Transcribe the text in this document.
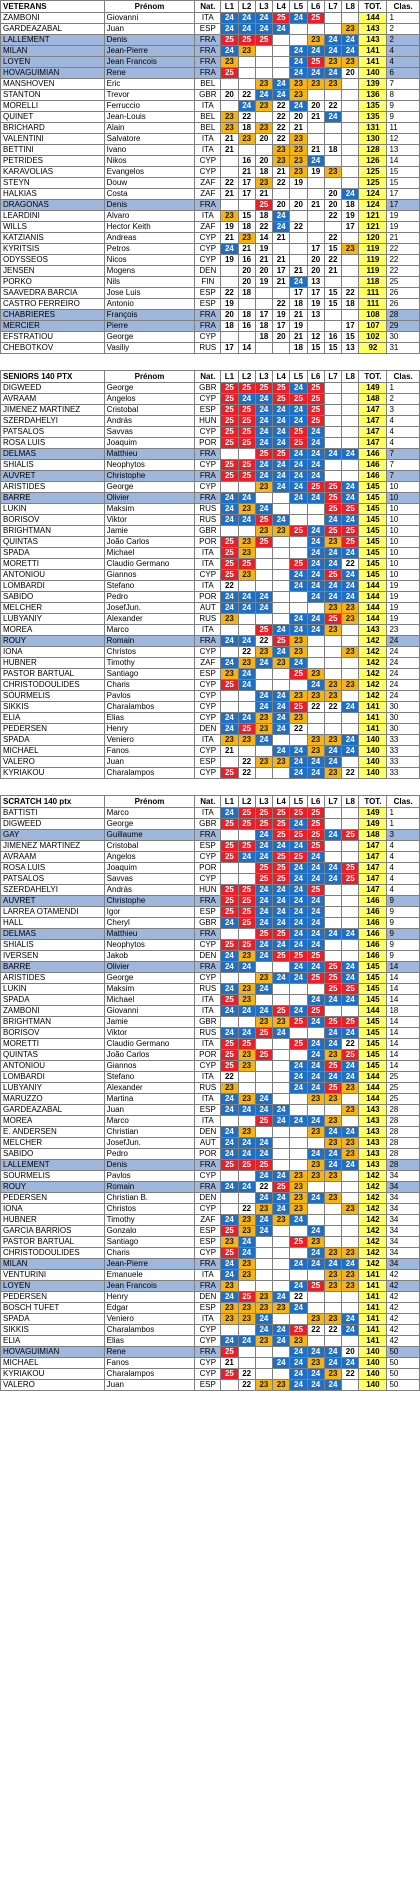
VETERANS	Prénom	Nat.	L1	L2	L3	L4	L5	L6	L7	L8	TOT.	Clas.
ZAMBONI	Giovanni	ITA	24	24	24	25	24	25			144	1
GARDEAZABAL	Juan	ESP	24	24	24	24				23	143	2
LALLEMENT	Denis	FRA	25	25	25			23	24	24	143	2
MILAN	Jean-Pierre	FRA	24	23			24	24	24	24	141	4
LOYEN	Jean Francois	FRA	23				24	25	23	23	141	4
HOVAGUIMIAN	Rene	FRA	25				24	24	24	20	140	6
MANSHOVEN	Eric	BEL			23	24	23	23	23		139	7
STANTON	Trevor	GBR	20	22	24	24	23				136	8
MORELLI	Ferruccio	ITA		24	23	22	24	20	22		135	9
QUINET	Jean-Louis	BEL	23	22		22	20	21	24		135	9
BRICHARD	Alain	BEL	23	18	23	22	21				131	11
VALENTINI	Salvatore	ITA	21	23	20	22	23				130	12
BETTINI	Ivano	ITA	21			23	23	21	18		128	13
PETRIDES	Nikos	CYP		16	20	23	23	24			126	14
KARAVOLIAS	Evangelos	CYP		21	18	21	23	19	23		125	15
STEYN	Douw	ZAF	22	17	23	22	19				125	15
HALKIAS	Costa	ZAF	21	17	21				20	24	124	17
DRAGONAS	Denis	FRA			25	20	20	21	20	18	124	17
LEARDINI	Alvaro	ITA	23	15	18	24			22	19	121	19
WILLS	Hector Keith	ZAF	19	18	22	24	22			17	121	19
KATZIANIS	Andreas	CYP	21	23	14	21			22		120	21
KYRITSIS	Petros	CYP	24	21	19			17	15	23	119	22
ODYSSEOS	Nicos	CYP	19	16	21	21		20	22		119	22
JENSEN	Mogens	DEN		20	20	17	21	20	21		119	22
PORKO	Nils	FIN		20	19	21	24	13			118	25
SAAVEDRA BARCIA	Jose Luis	ESP	22	18			17	17	15	22	111	26
CASTRO FERREIRO	Antonio	ESP	19			22	18	19	15	18	111	26
CHABRIERES	François	FRA	20	18	17	19	21	13			108	28
MERCIER	Pierre	FRA	18	16	18	17	19			17	107	29
EFSTRATIOU	George	CYP			18	20	21	12	16	15	102	30
CHEBOTKOV	Vasiliy	RUS	17	14			18	15	15	13	92	31
SENIORS 140 PTX	Prénom	Nat.	L1	L2	L3	L4	L5	L6	L7	L8	TOT.	Clas.
DIGWEED	George	GBR	25	25	25	25	24	25			149	1
AVRAAM	Angelos	CYP	25	24	24	25	25	25			148	2
JIMENEZ MARTINEZ	Cristobal	ESP	25	25	24	24	24	25			147	3
SZERDAHELYI	András	HUN	25	25	24	24	24	25			147	4
PATSALOS	Savvas	CYP	25	25	24	24	25	24			147	4
ROSA LUIS	Joaquim	POR	25	25	24	24	25	24			147	4
DELMAS	Matthieu	FRA			25	25	24	24	24	24	146	7
SHIALIS	Neophytos	CYP	25	25	24	24	24	24			146	7
AUVRET	Christophe	FRA	25	25	24	24	24	24			146	7
ARISTIDES	George	CYP			23	24	24	25	25	24	145	10
BARRE	Olivier	FRA	24	24			24	24	25	24	145	10
LUKIN	Maksim	RUS	24	23	24				25	25	145	10
BORISOV	Viktor	RUS	24	24	25	24			24	24	145	10
BRIGHTMAN	Jamie	GBR			23	23	25	24	25	25	145	10
QUINTAS	João Carlos	POR	25	23	25			24	23	25	145	10
SPADA	Michael	ITA	25	23				24	24	24	145	10
MORETTI	Claudio Germano	ITA	25	25			25	24	24	22	145	10
ANTONIOU	Giannos	CYP	25	23			24	24	25	24	145	10
LOMBARDI	Stefano	ITA	22				24	24	24	24	144	19
SABIDO	Pedro	POR	24	24	24			24	24	24	144	19
MELCHER	JosefJun.	AUT	24	24	24				23	23	144	19
LUBYANIY	Alexander	RUS	23				24	24	25	23	144	19
MOREA	Marco	ITA			25	24	24	24	23		143	23
ROUY	Romain	FRA	24	24	22	25	23				142	24
IONA	Christos	CYP		22	23	24	23			23	142	24
HUBNER	Timothy	ZAF	24	23	24	23	24				142	24
PASTOR BARTUAL	Santiago	ESP	23	24			25	23			142	24
CHRISTODOULIDES	Charis	CYP	25	24				24	23	23	142	24
SOURMELIS	Pavlos	CYP			24	24	23	23	23		142	24
SIKKIS	Charalambos	CYP			24	24	25	22	22	24	141	30
ELIA	Elias	CYP	24	24	23	24	23				141	30
PEDERSEN	Henry	DEN	24	25	23	24	22				141	30
SPADA	Veniero	ITA	23	23	24			23	23	24	140	33
MICHAEL	Fanos	CYP	21			24	24	23	24	24	140	33
VALERO	Juan	ESP		22	23	23	24	24	24		140	33
KYRIAKOU	Charalampos	CYP	25	22			24	24	23	22	140	33
SCRATCH 140 ptx	Prénom	Nat.	L1	L2	L3	L4	L5	L6	L7	L8	TOT.	Clas.
BATTISTI	Marco	ITA	24	25	25	25	25	25			149	1
DIGWEED	George	GBR	25	25	25	25	24	25			149	1
GAY	Guillaume	FRA			24	25	25	25	24	25	148	3
JIMENEZ MARTINEZ	Cristobal	ESP	25	25	24	24	24	25			147	4
AVRAAM	Angelos	CYP	25	24	24	25	25	24			147	4
ROSA LUIS	Joaquim	POR			25	25	24	24	24	25	147	4
PATSALOS	Savvas	CYP			25	25	24	24	24	25	147	4
SZERDAHELYI	András	HUN	25	25	24	24	24	25			147	4
AUVRET	Christophe	FRA	25	25	24	24	24	24			146	9
LARREA OTAMENDI	Igor	ESP	25	25	24	24	24	24			146	9
HALL	Cheryl	GBR	24	25	24	24	24	24			146	9
DELMAS	Matthieu	FRA			25	25	24	24	24	24	146	9
SHIALIS	Neophytos	CYP	25	25	24	24	24	24			146	9
IVERSEN	Jakob	DEN	24	23	24	25	25	25			146	9
BARRE	Olivier	FRA	24	24			24	24	25	24	145	14
ARISTIDES	George	CYP			23	24	24	25	25	24	145	14
LUKIN	Maksim	RUS	24	23	24				25	25	145	14
SPADA	Michael	ITA	25	23				24	24	24	145	14
ZAMBONI	Giovanni	ITA	24	24	24	25	24	25			144	18
BRIGHTMAN	Jamie	GBR			23	23	25	24	25	25	145	14
BORISOV	Viktor	RUS	24	24	25	24			24	24	145	14
MORETTI	Claudio Germano	ITA	25	25			25	24	24	22	145	14
QUINTAS	João Carlos	POR	25	23	25			24	23	25	145	14
ANTONIOU	Giannos	CYP	25	23			24	24	25	24	145	14
LOMBARDI	Stefano	ITA	22				24	24	24	24	144	25
LUBYANIY	Alexander	RUS	23				24	24	25	23	144	25
MARUZZO	Martina	ITA	24	23	24			23	23		144	25
GARDEAZABAL	Juan	ESP	24	24	24	24				23	143	28
MOREA	Marco	ITA			25	24	24	24	23		143	28
E. ANDERSEN	Christian	DEN	24	23				23	24	24	143	28
MELCHER	JosefJun.	AUT	24	24	24				23	23	143	28
SABIDO	Pedro	POR	24	24	24			24	24	23	143	28
LALLEMENT	Denis	FRA	25	25	25			23	24	24	143	28
SOURMELIS	Pavlos	CYP			24	24	23	23	23		142	34
ROUY	Romain	FRA	24	24	22	25	23				142	34
PEDERSEN	Christian B.	DEN			24	24	23	24	23		142	34
IONA	Christos	CYP		22	23	24	23			23	142	34
HUBNER	Timothy	ZAF	24	23	24	23	24				142	34
GARCIA BARRIOS	Gonzalo	ESP	25	23	24			24			142	34
PASTOR BARTUAL	Santiago	ESP	23	24			25	23			142	34
CHRISTODOULIDES	Charis	CYP	25	24				24	23	23	142	34
MILAN	Jean-Pierre	FRA	24	23			24	24	24	24	142	34
VENTURINI	Emanuele	ITA	24	23					23	23	141	42
LOYEN	Jean Francois	FRA	23				24	25	23	23	141	42
PEDERSEN	Henry	DEN	24	25	23	24	22				141	42
BOSCH TUFET	Edgar	ESP	23	23	23	23	24				141	42
SPADA	Veniero	ITA	23	23	24			23	23	24	141	42
SIKKIS	Charalambos	CYP			24	24	25	22	22	24	141	42
ELIA	Elias	CYP	24	24	23	24	23				141	42
HOVAGUIMIAN	Rene	FRA	25				24	24	24	20	140	50
MICHAEL	Fanos	CYP	21			24	24	23	24	24	140	50
KYRIAKOU	Charalampos	CYP	25	22			24	24	23	22	140	50
VALERO	Juan	ESP		22	23	23	24	24	24		140	50
